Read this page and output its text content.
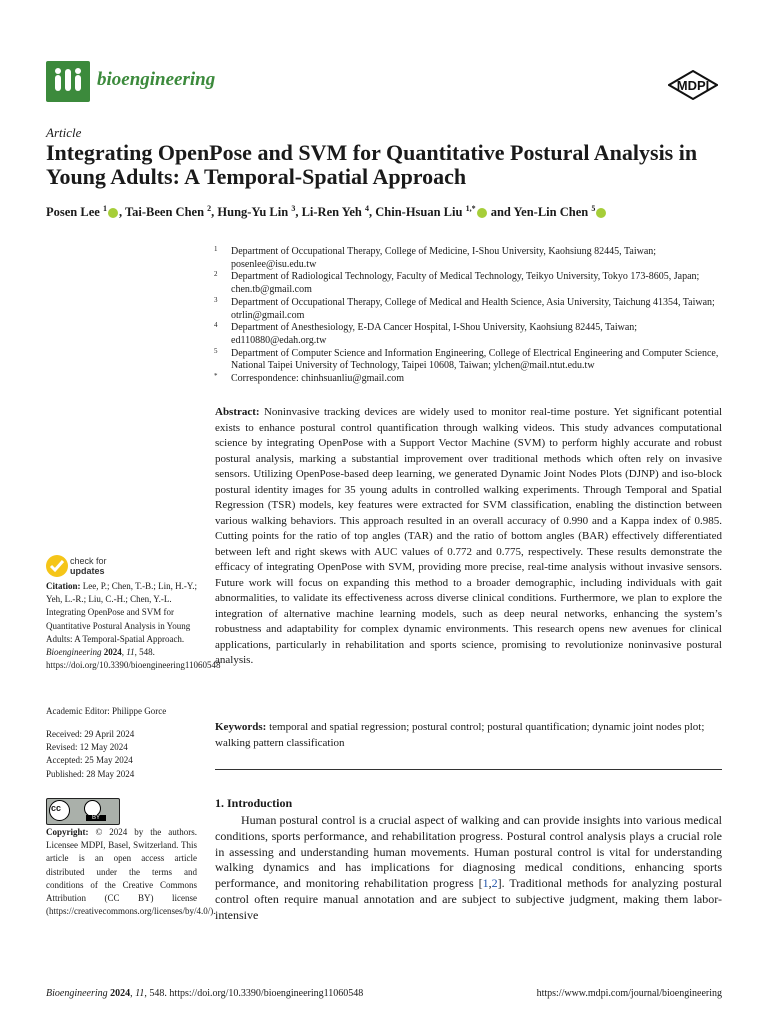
bioengineering	MDPI
Article
Integrating OpenPose and SVM for Quantitative Postural Analysis in Young Adults: A Temporal-Spatial Approach
Posen Lee $^1$ , Tai-Been Chen $^2$, Hung-Yu Lin $^3$, Li-Ren Yeh $^4$, Chin-Hsuan Liu $^{1,*}$ and Yen-Lin Chen $^5$
1 Department of Occupational Therapy, College of Medicine, I-Shou University, Kaohsiung 82445, Taiwan; posenlee@isu.edu.tw
2 Department of Radiological Technology, Faculty of Medical Technology, Teikyo University, Tokyo 173-8605, Japan; chen.tb@gmail.com
3 Department of Occupational Therapy, College of Medical and Health Science, Asia University, Taichung 41354, Taiwan; otrlin@gmail.com
4 Department of Anesthesiology, E-DA Cancer Hospital, I-Shou University, Kaohsiung 82445, Taiwan; ed110880@edah.org.tw
5 Department of Computer Science and Information Engineering, College of Electrical Engineering and Computer Science, National Taipei University of Technology, Taipei 10608, Taiwan; ylchen@mail.ntut.edu.tw
* Correspondence: chinhsuanliu@gmail.com
Abstract: Noninvasive tracking devices are widely used to monitor real-time posture. Yet significant potential exists to enhance postural control quantification through walking videos. This study advances computational science by integrating OpenPose with a Support Vector Machine (SVM) to perform highly accurate and robust postural analysis, marking a substantial improvement over traditional methods which often rely on invasive sensors. Utilizing OpenPose-based deep learning, we generated Dynamic Joint Nodes Plots (DJNP) and iso-block postural identity images for 35 young adults in controlled walking experiments. Through Temporal and Spatial Regression (TSR) models, key features were extracted for SVM classification, enabling the distinction between various walking behaviors. This approach resulted in an overall accuracy of 0.990 and a Kappa index of 0.985. Cutting points for the ratio of top angles (TAR) and the ratio of bottom angles (BAR) effectively differentiated between left and right skews with AUC values of 0.772 and 0.775, respectively. These results demonstrate the efficacy of integrating OpenPose with SVM, providing more precise, real-time analysis without invasive sensors. Future work will focus on expanding this method to a broader demographic, including individuals with gait abnormalities, to validate its effectiveness across diverse clinical conditions. Furthermore, we plan to explore the integration of alternative machine learning models, such as deep neural networks, enhancing the system’s robustness and adaptability for complex dynamic environments. This research opens new avenues for clinical applications, particularly in rehabilitation and sports science, promising to revolutionize noninvasive postural analysis.
Keywords: temporal and spatial regression; postural control; postural quantification; dynamic joint nodes plot; walking pattern classification
1. Introduction

Human postural control is a crucial aspect of walking and can provide insights into various medical conditions, sports performance, and rehabilitation progress. Postural control analysis plays a crucial role in assessing and understanding human movements. Human postural control is vital for understanding walking dynamics and has implications for diagnosing medical conditions, enhancing sports performance, and monitoring rehabilitation progress [1,2]. Traditional methods for analyzing postural control often require manual annotation and are subject to subjective judgment, making them labor-intensive

check for
updates
Citation: Lee, P.; Chen, T.-B.; Lin, H.-Y.; Yeh, L.-R.; Liu, C.-H.; Chen, Y.-L. Integrating OpenPose and SVM for Quantitative Postural Analysis in Young Adults: A Temporal-Spatial Approach. Bioengineering 2024, 11, 548. https://doi.org/10.3390/bioengineering11060548
Academic Editor: Philippe Gorce
Received: 29 April 2024
Revised: 12 May 2024
Accepted: 25 May 2024
Published: 28 May 2024
cc
BY
Copyright: © 2024 by the authors. Licensee MDPI, Basel, Switzerland. This article is an open access article distributed under the terms and conditions of the Creative Commons Attribution (CC BY) license (https://creativecommons.org/licenses/by/4.0/).
Bioengineering 2024, 11, 548. https://doi.org/10.3390/bioengineering11060548	https://www.mdpi.com/journal/bioengineering
